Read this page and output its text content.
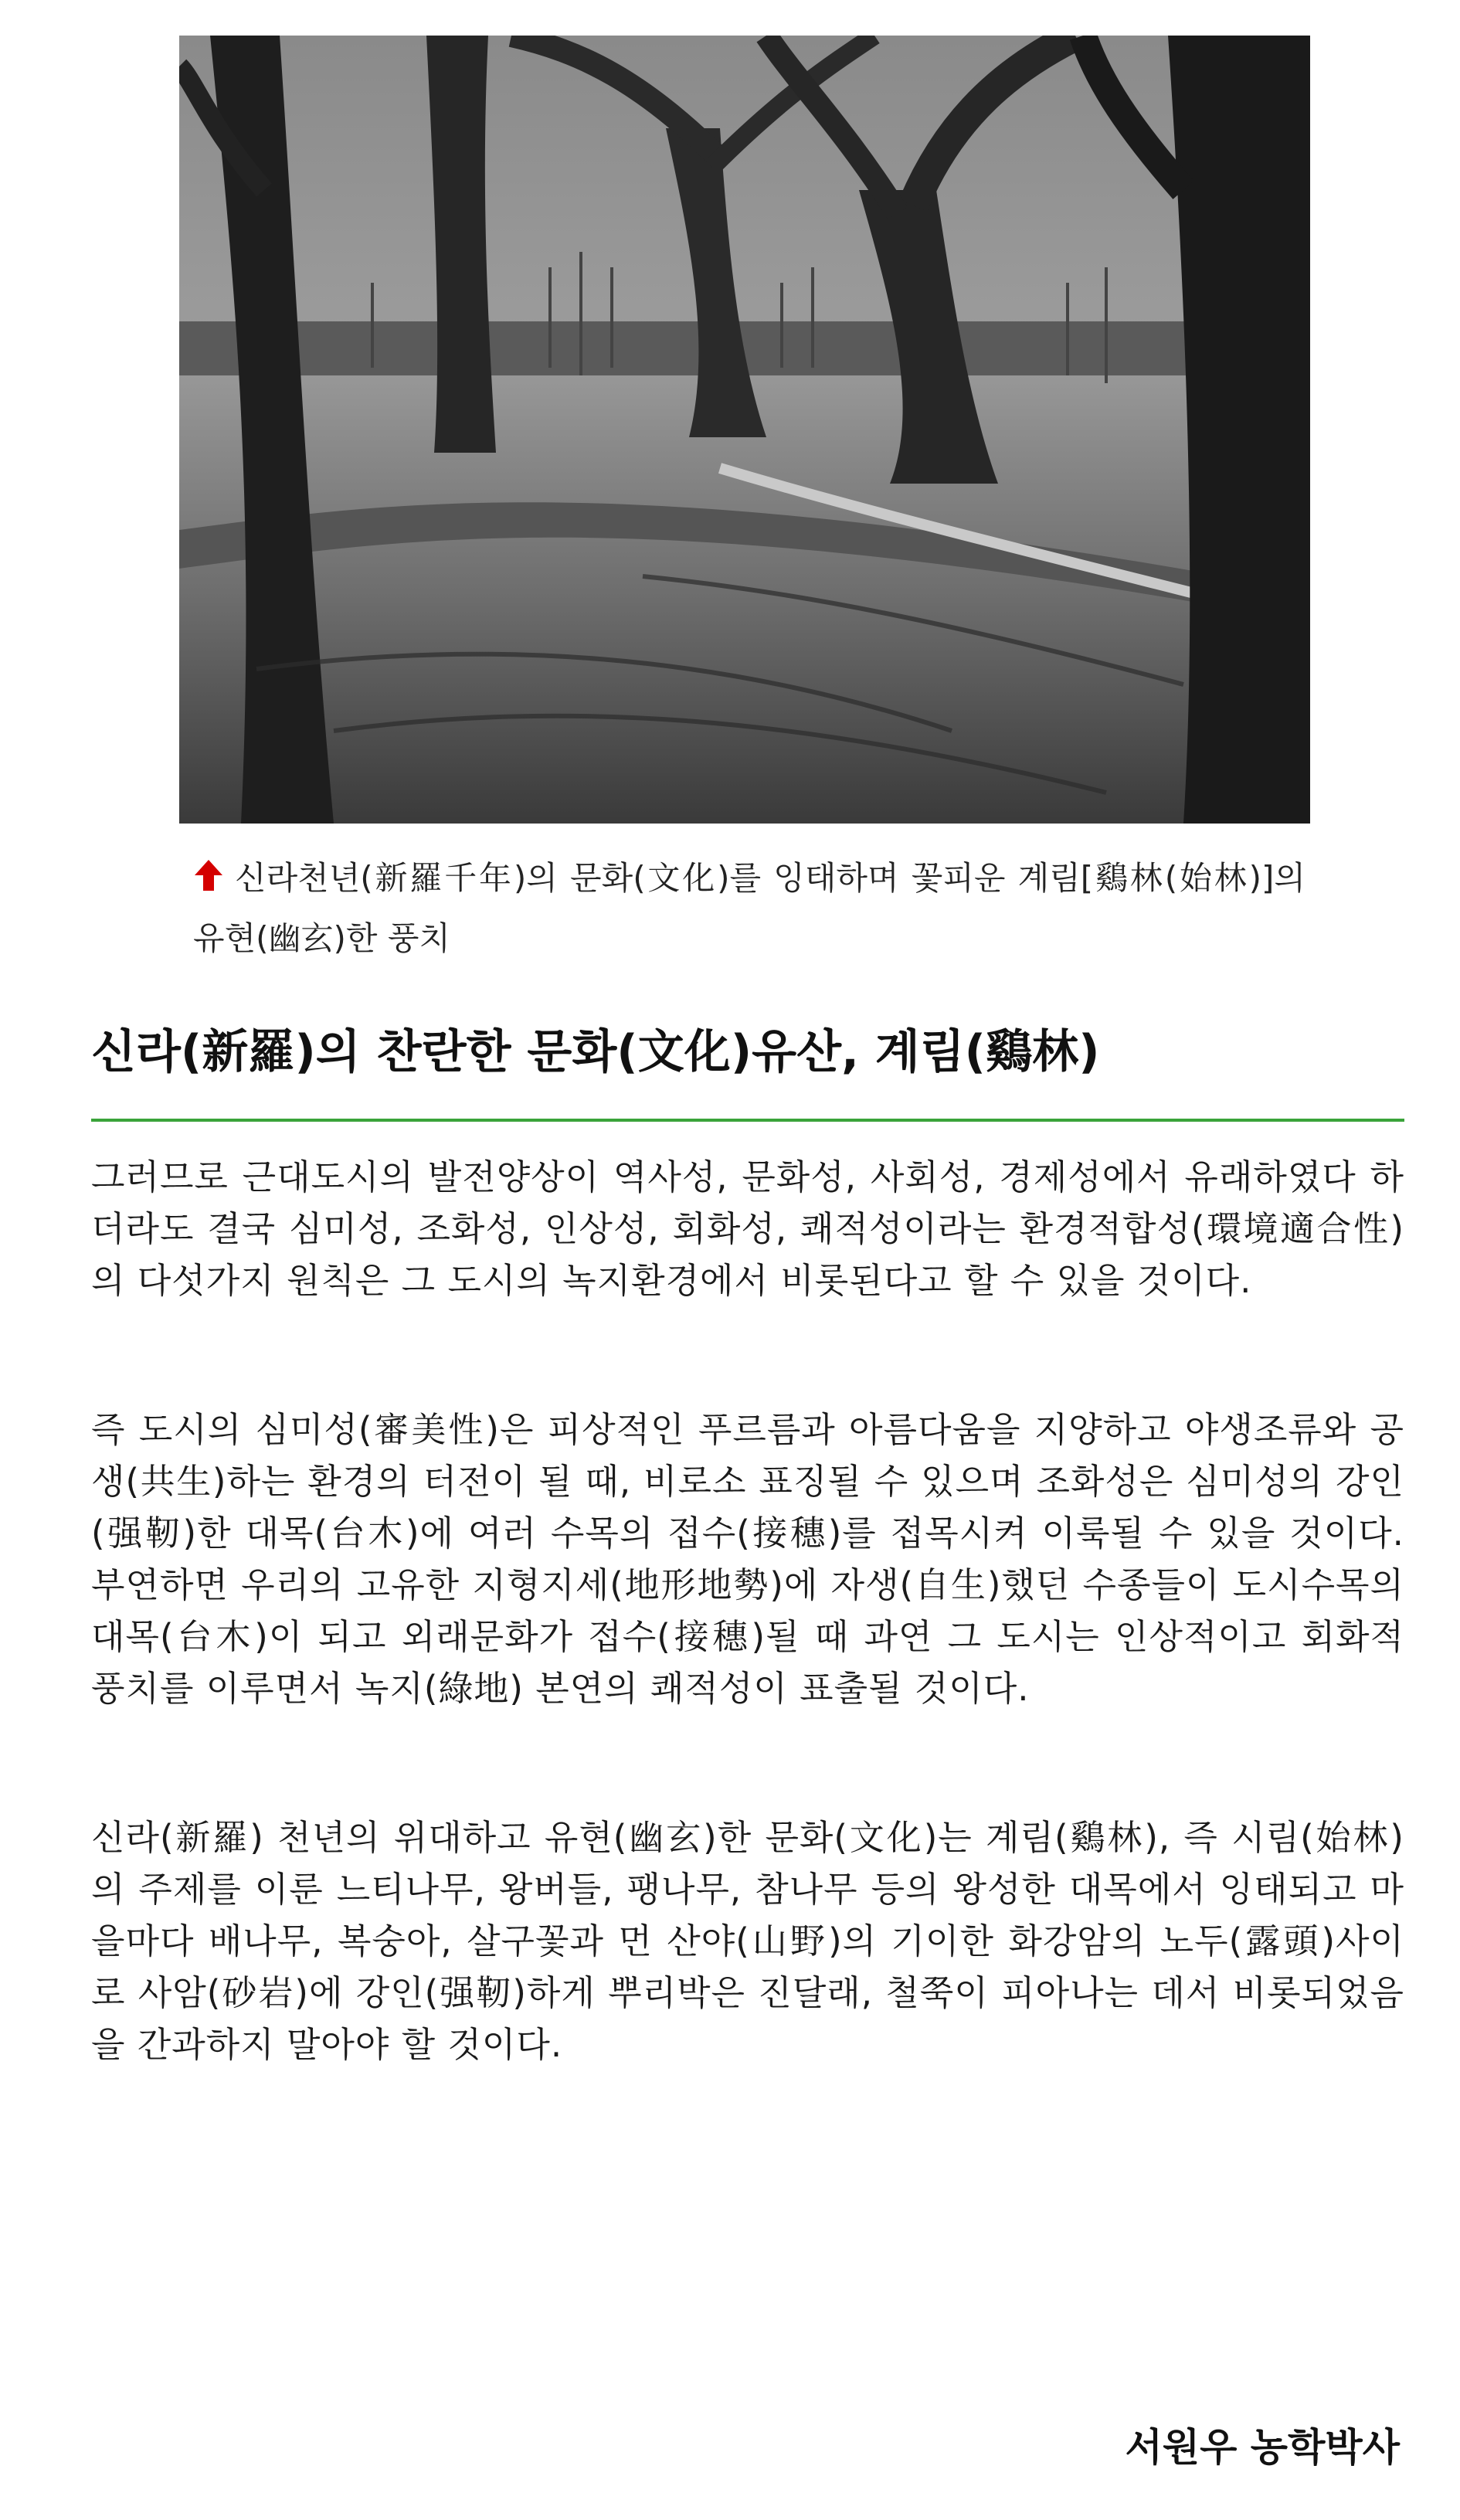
신라천년(新羅千年)의 문화(文化)를 잉태하며 꽃피운 계림[鷄林(始林)]의 유현(幽玄)한 풍치
신라(新羅)의 찬란한 문화(文化)유산, 계림(鷄林)

그러므로 근대도시의 발전양상이 역사성, 문화성, 사회성, 경제성에서 유래하였다 하더라도 결국 심미성, 조화성, 인상성, 회화성, 쾌적성이라는 환경적합성(環境適合性)의 다섯가지 원칙은 그 도시의 녹지환경에서 비롯된다고 할 수 있을 것이다.

즉 도시의 심미성(審美性)은 피상적인 푸르름과 아름다움을 지양하고 야생조류와 공생(共生)하는 환경의 터전이 될 때, 비로소 표징될 수 있으며 조화성은 심미성의 강인(强靭)한 대목(台木)에 여러 수목의 접수(接穗)를 접목시켜 이룩될 수 있을 것이다. 부연하면 우리의 고유한 지형지세(地形地勢)에 자생(自生)했던 수종들이 도시수목의 대목(台木)이 되고 외래문화가 접수(接穗)될 때 과연 그 도시는 인상적이고 회화적 풍치를 이루면서 녹지(綠地) 본연의 쾌적성이 표출될 것이다.

신라(新羅) 천년의 위대하고 유현(幽玄)한 문화(文化)는 계림(鷄林), 즉 시림(始林)의 주제를 이룬 느티나무, 왕버들, 팽나무, 참나무 등의 왕성한 대목에서 잉태되고 마을마다 배나무, 복숭아, 살구꽃과 먼 산야(山野)의 기이한 화강암의 노두(露頭)사이로 사암(砂岩)에 강인(强靭)하게 뿌리박은 진달래, 철쭉이 피아나는 데서 비롯되었음을 간과하지 말아야 할 것이다.

서원우 농학박사
